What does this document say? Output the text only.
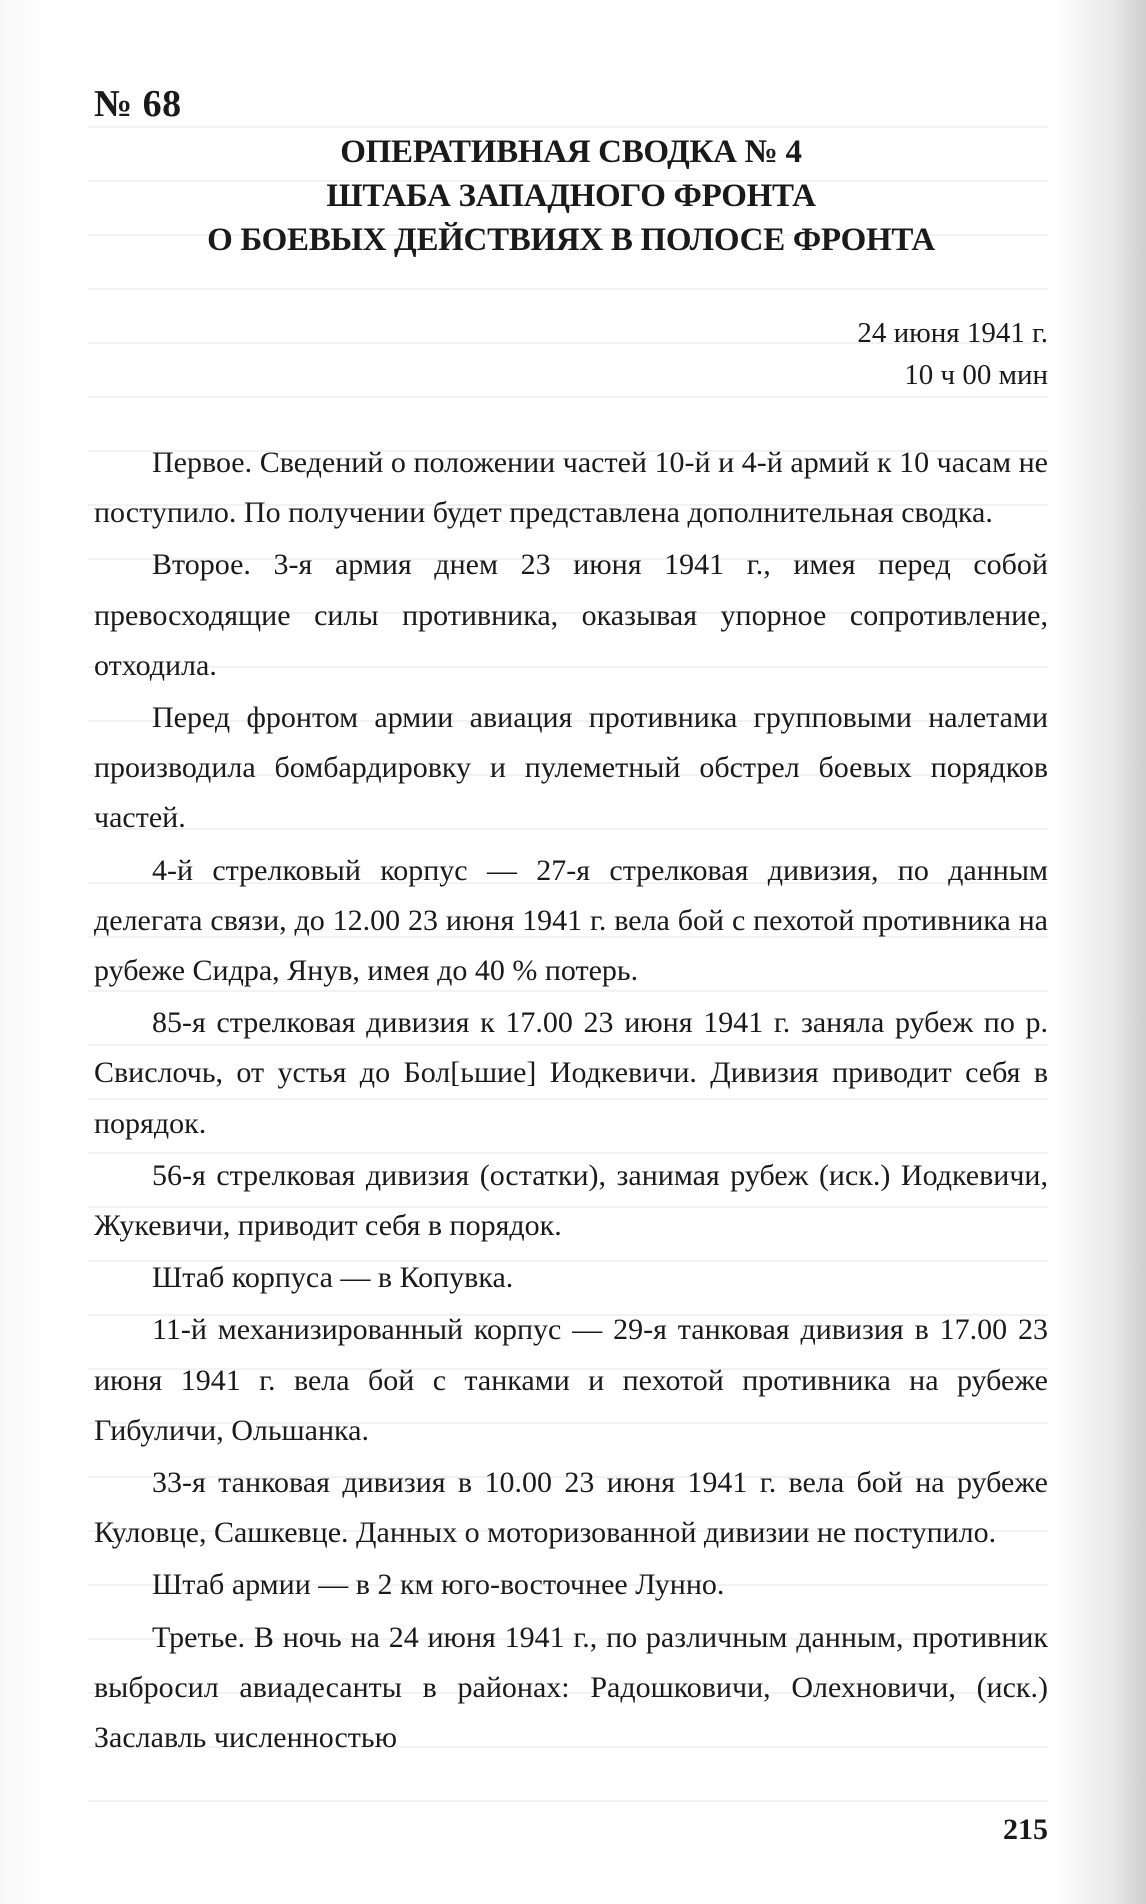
№ 68
ОПЕРАТИВНАЯ СВОДКА № 4
ШТАБА ЗАПАДНОГО ФРОНТА
О БОЕВЫХ ДЕЙСТВИЯХ В ПОЛОСЕ ФРОНТА
24 июня 1941 г.
10 ч 00 мин

Первое. Сведений о положении частей 10-й и 4-й армий к 10 часам не поступило. По получении будет представлена дополнительная сводка.

Второе. 3-я армия днем 23 июня 1941 г., имея перед собой превосходящие силы противника, оказывая упорное сопротивление, отходила.

Перед фронтом армии авиация противника групповыми налетами производила бомбардировку и пулеметный обстрел боевых порядков частей.

4-й стрелковый корпус — 27-я стрелковая дивизия, по данным делегата связи, до 12.00 23 июня 1941 г. вела бой с пехотой противника на рубеже Сидра, Янув, имея до 40 % потерь.

85-я стрелковая дивизия к 17.00 23 июня 1941 г. заняла рубеж по р. Свислочь, от устья до Бол[ьшие] Иодкевичи. Дивизия приводит себя в порядок.

56-я стрелковая дивизия (остатки), занимая рубеж (иск.) Иодкевичи, Жукевичи, приводит себя в порядок.

Штаб корпуса — в Копувка.

11-й механизированный корпус — 29-я танковая дивизия в 17.00 23 июня 1941 г. вела бой с танками и пехотой противника на рубеже Гибуличи, Ольшанка.

33-я танковая дивизия в 10.00 23 июня 1941 г. вела бой на рубеже Куловце, Сашкевце. Данных о моторизованной дивизии не поступило.

Штаб армии — в 2 км юго-восточнее Лунно.

Третье. В ночь на 24 июня 1941 г., по различным данным, противник выбросил авиадесанты в районах: Радошковичи, Олехновичи, (иск.) Заславль численностью

215
